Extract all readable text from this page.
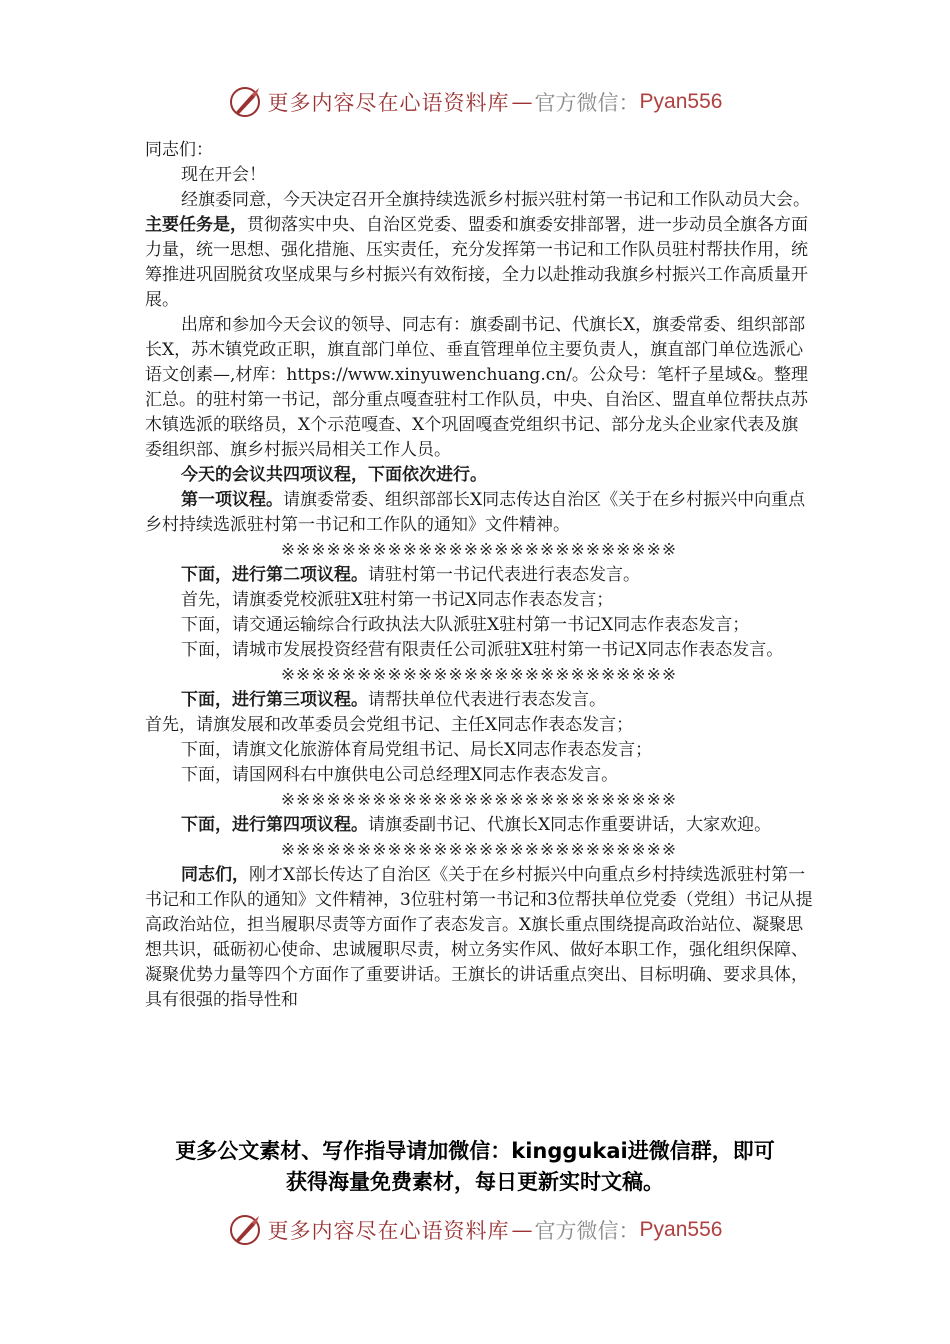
更多内容尽在心语资料库 — 官方微信： Pyan556

同志们：

现在开会！

经旗委同意，今天决定召开全旗持续选派乡村振兴驻村第一书记和工作队动员大会。主要任务是，贯彻落实中央、自治区党委、盟委和旗委安排部署，进一步动员全旗各方面力量，统一思想、强化措施、压实责任，充分发挥第一书记和工作队员驻村帮扶作用，统筹推进巩固脱贫攻坚成果与乡村振兴有效衔接，全力以赴推动我旗乡村振兴工作高质量开展。

出席和参加今天会议的领导、同志有：旗委副书记、代旗长X，旗委常委、组织部部长X，苏木镇党政正职，旗直部门单位、垂直管理单位主要负责人，旗直部门单位选派心语文创素—,材库：https://www.xinyuwenchuang.cn/。公众号：笔杆子星域&。整理汇总。的驻村第一书记，部分重点嘎查驻村工作队员，中央、自治区、盟直单位帮扶点苏木镇选派的联络员，X个示范嘎查、X个巩固嘎查党组织书记、部分龙头企业家代表及旗委组织部、旗乡村振兴局相关工作人员。

今天的会议共四项议程，下面依次进行。

第一项议程。请旗委常委、组织部部长X同志传达自治区《关于在乡村振兴中向重点乡村持续选派驻村第一书记和工作队的通知》文件精神。

※※※※※※※※※※※※※※※※※※※※※※※※※※

下面，进行第二项议程。请驻村第一书记代表进行表态发言。

首先，请旗委党校派驻X驻村第一书记X同志作表态发言；

下面，请交通运输综合行政执法大队派驻X驻村第一书记X同志作表态发言；

下面，请城市发展投资经营有限责任公司派驻X驻村第一书记X同志作表态发言。

※※※※※※※※※※※※※※※※※※※※※※※※※※

下面，进行第三项议程。请帮扶单位代表进行表态发言。

首先，请旗发展和改革委员会党组书记、主任X同志作表态发言；

下面，请旗文化旅游体育局党组书记、局长X同志作表态发言；

下面，请国网科右中旗供电公司总经理X同志作表态发言。

※※※※※※※※※※※※※※※※※※※※※※※※※※

下面，进行第四项议程。请旗委副书记、代旗长X同志作重要讲话，大家欢迎。

※※※※※※※※※※※※※※※※※※※※※※※※※※

同志们，刚才X部长传达了自治区《关于在乡村振兴中向重点乡村持续选派驻村第一书记和工作队的通知》文件精神，3位驻村第一书记和3位帮扶单位党委（党组）书记从提高政治站位，担当履职尽责等方面作了表态发言。X旗长重点围绕提高政治站位、凝聚思想共识，砥砺初心使命、忠诚履职尽责，树立务实作风、做好本职工作，强化组织保障、凝聚优势力量等四个方面作了重要讲话。王旗长的讲话重点突出、目标明确、要求具体，具有很强的指导性和

更多公文素材、写作指导请加微信：kinggukai进微信群，即可
获得海量免费素材，每日更新实时文稿。
更多内容尽在心语资料库 — 官方微信： Pyan556
